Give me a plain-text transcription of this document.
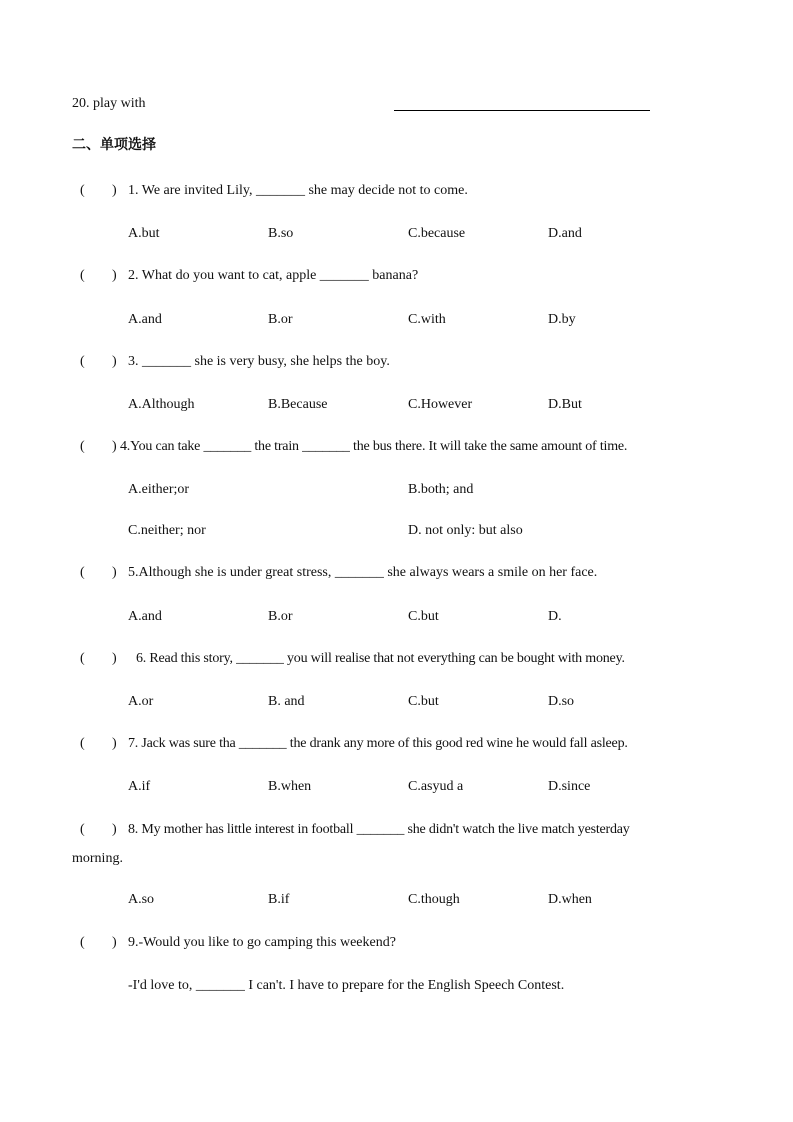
20. play with
二、单项选择
( ) 1. We are invited Lily, _______ she may decide not to come.
A.but	B.so	C.because	D.and
( ) 2. What do you want to cat, apple _______ banana?
A.and	B.or	C.with	D.by
( ) 3. _______ she is very busy, she helps the boy.
A.Although	B.Because	C.However	D.But
( ) 4.You can take _______ the train _______ the bus there. It will take the same amount of time.
A.either;or	B.both; and
C.neither; nor	D. not only: but also
( ) 5.Although she is under great stress, _______ she always wears a smile on her face.
A.and	B.or	C.but	D.
( ) 6. Read this story, _______ you will realise that not everything can be bought with money.
A.or	B. and	C.but	D.so
( ) 7. Jack was sure tha _______ the drank any more of this good red wine he would fall asleep.
A.if	B.when	C.asyud a	D.since
( ) 8. My mother has little interest in football _______ she didn't watch the live match yesterday
morning.
A.so	B.if	C.though	D.when
( ) 9.-Would you like to go camping this weekend?
-I'd love to, _______ I can't. I have to prepare for the English Speech Contest.
